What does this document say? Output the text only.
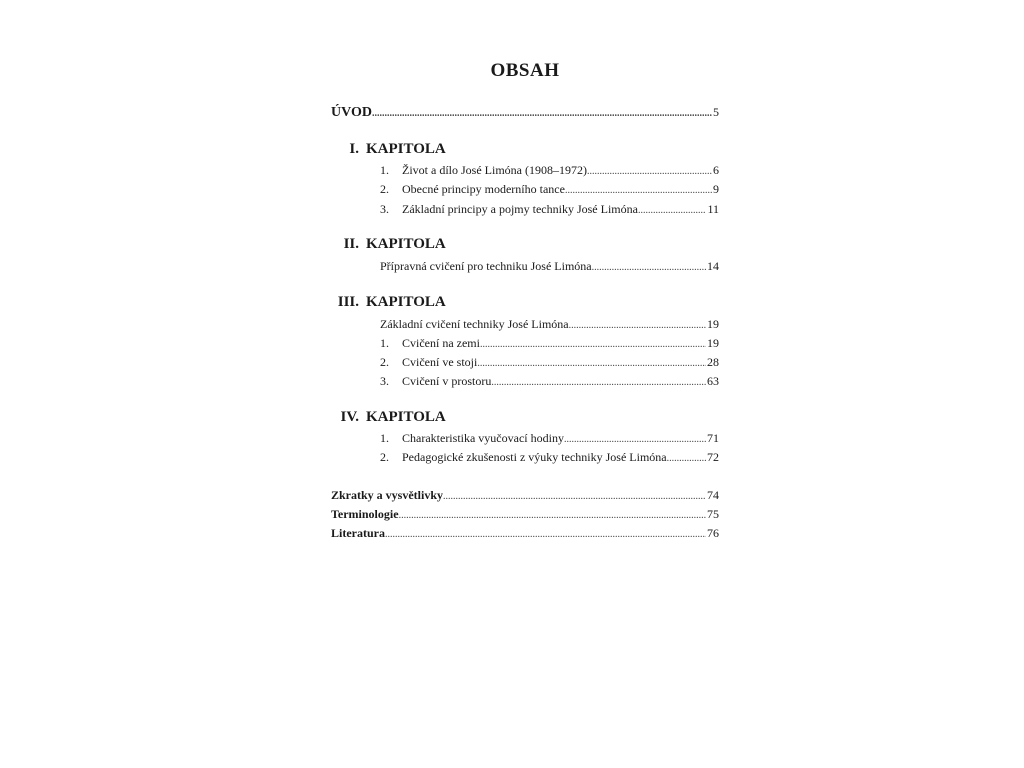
OBSAH
ÚVOD .....	5
I. KAPITOLA
1.	Život a dílo José Limóna (1908–1972) .....	6
2.	Obecné principy moderního tance .....	9
3.	Základní principy a pojmy techniky José Limóna .....	11
II. KAPITOLA
Přípravná cvičení pro techniku José Limóna .....	14
III. KAPITOLA
Základní cvičení techniky José Limóna .....	19
1.	Cvičení na zemi .....	19
2.	Cvičení ve stoji .....	28
3.	Cvičení v prostoru .....	63
IV. KAPITOLA
1.	Charakteristika vyučovací hodiny .....	71
2.	Pedagogické zkušenosti z výuky techniky José Limóna .....	72
Zkratky a vysvětlivky .....	74
Terminologie .....	75
Literatura .....	76
